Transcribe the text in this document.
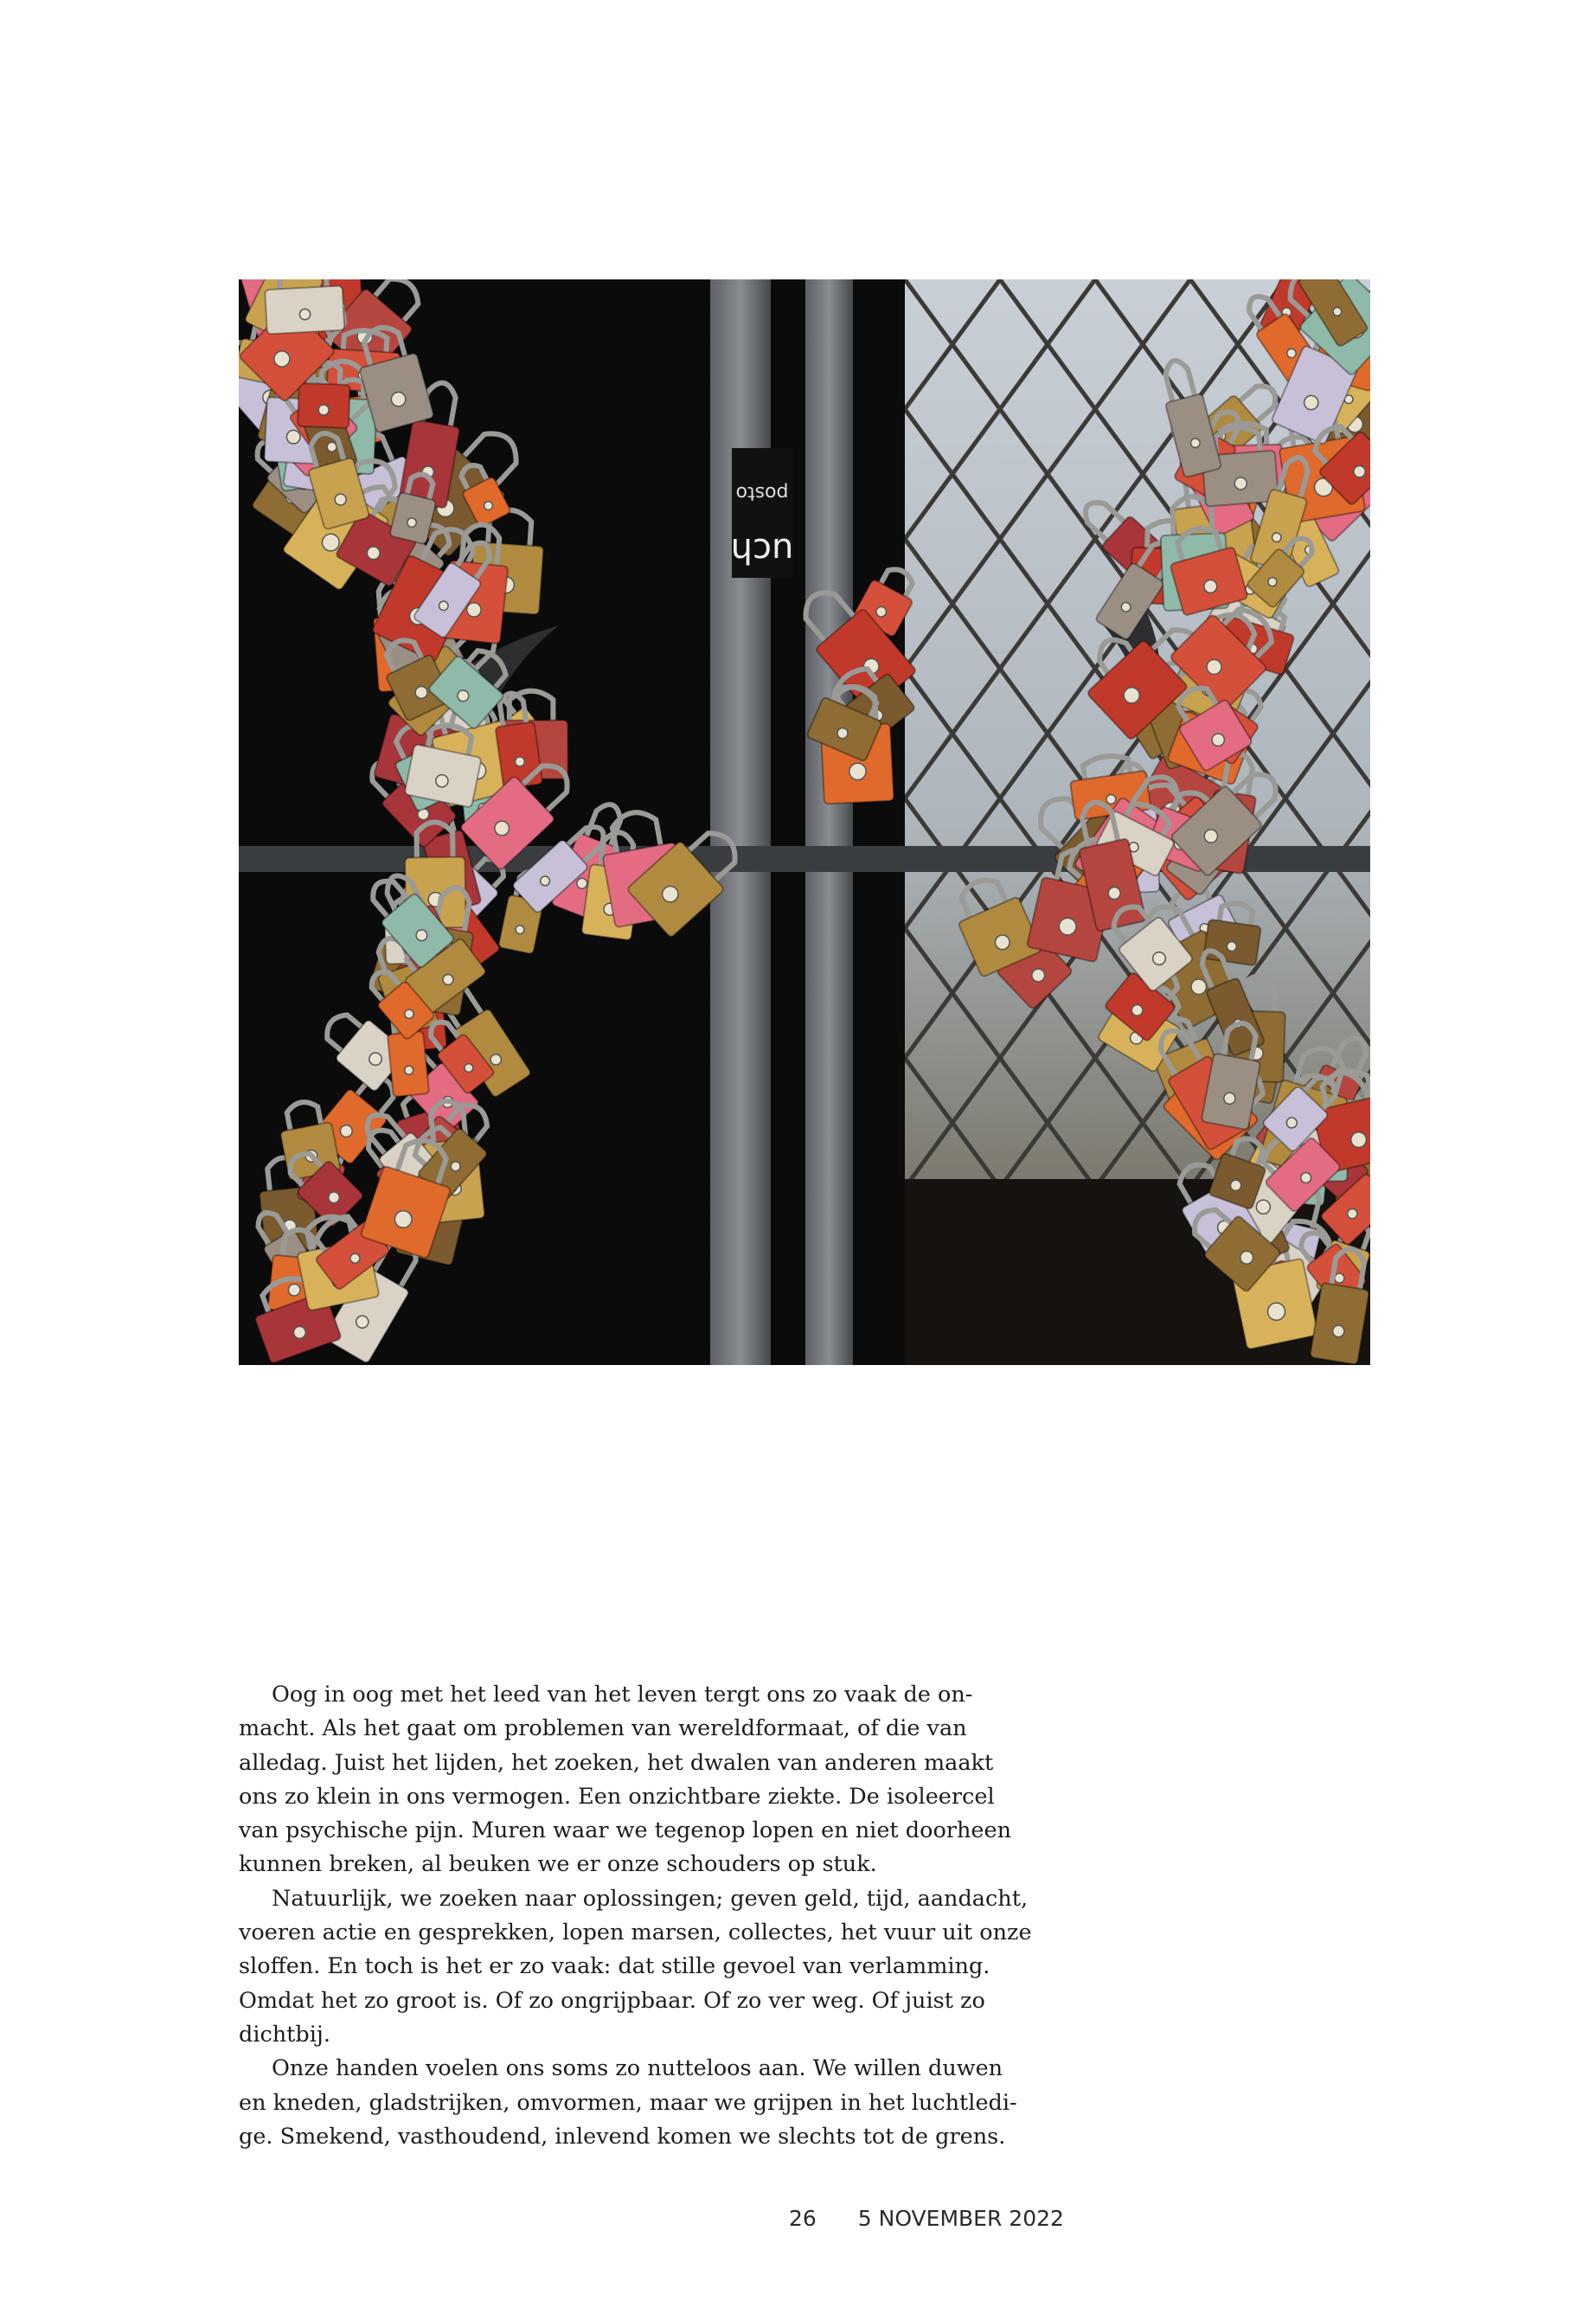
posto
uch
Oog in oog met het leed van het leven tergt ons zo vaak de on-
macht. Als het gaat om problemen van wereldformaat, of die van
alledag. Juist het lijden, het zoeken, het dwalen van anderen maakt
ons zo klein in ons vermogen. Een onzichtbare ziekte. De isoleercel
van psychische pijn. Muren waar we tegenop lopen en niet doorheen
kunnen breken, al beuken we er onze schouders op stuk.
Natuurlijk, we zoeken naar oplossingen; geven geld, tijd, aandacht,
voeren actie en gesprekken, lopen marsen, collectes, het vuur uit onze
sloffen. En toch is het er zo vaak: dat stille gevoel van verlamming.
Omdat het zo groot is. Of zo ongrijpbaar. Of zo ver weg. Of juist zo
dichtbij.
Onze handen voelen ons soms zo nutteloos aan. We willen duwen
en kneden, gladstrijken, omvormen, maar we grijpen in het luchtledi-
ge. Smekend, vasthoudend, inlevend komen we slechts tot de grens.
26 5 NOVEMBER 2022
